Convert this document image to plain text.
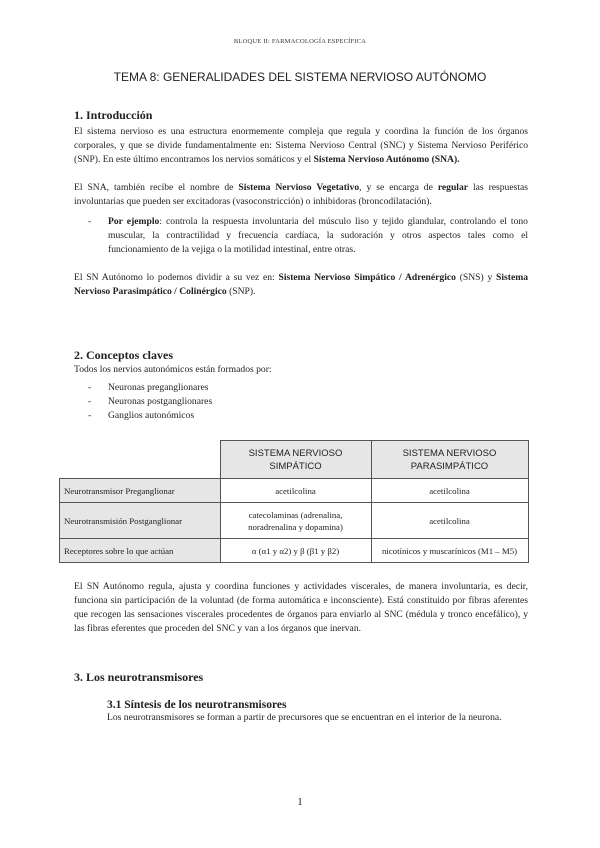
BLOQUE II: FARMACOLOGÍA ESPECÍFICA
TEMA 8: GENERALIDADES DEL SISTEMA NERVIOSO AUTÓNOMO
1. Introducción

El sistema nervioso es una estructura enormemente compleja que regula y coordina la función de los órganos corporales, y que se divide fundamentalmente en: Sistema Nervioso Central (SNC) y Sistema Nervioso Periférico (SNP). En este último encontramos los nervios somáticos y el Sistema Nervioso Autónomo (SNA).

El SNA, también recibe el nombre de Sistema Nervioso Vegetativo, y se encarga de regular las respuestas involuntarias que pueden ser excitadoras (vasoconstricción) o inhibidoras (broncodilatación).

- Por ejemplo: controla la respuesta involuntaria del músculo liso y tejido glandular, controlando el tono muscular, la contractilidad y frecuencia cardíaca, la sudoración y otros aspectos tales como el funcionamiento de la vejiga o la motilidad intestinal, entre otras.

El SN Autónomo lo podemos dividir a su vez en: Sistema Nervioso Simpático / Adrenérgico (SNS) y Sistema Nervioso Parasimpático / Colinérgico (SNP).

2. Conceptos claves

Todos los nervios autonómicos están formados por:

- Neuronas preganglionares
- Neuronas postganglionares
- Ganglios autonómicos
	SISTEMA NERVIOSO SIMPÁTICO	SISTEMA NERVIOSO PARASIMPÁTICO
Neurotransmisor Preganglionar	acetilcolina	acetilcolina
Neurotransmisión Postganglionar	catecolaminas (adrenalina, noradrenalina y dopamina)	acetilcolina
Receptores sobre lo que actúan	α (α1 y α2) y β (β1 y β2)	nicotínicos y muscarínicos (M1 – M5)

El SN Autónomo regula, ajusta y coordina funciones y actividades viscerales, de manera involuntaria, es decir, funciona sin participación de la voluntad (de forma automática e inconsciente). Está constituido por fibras aferentes que recogen las sensaciones viscerales procedentes de órganos para enviarlo al SNC (médula y tronco encefálico), y las fibras eferentes que proceden del SNC y van a los órganos que inervan.

3. Los neurotransmisores
3.1 Síntesis de los neurotransmisores

Los neurotransmisores se forman a partir de precursores que se encuentran en el interior de la neurona.

1
